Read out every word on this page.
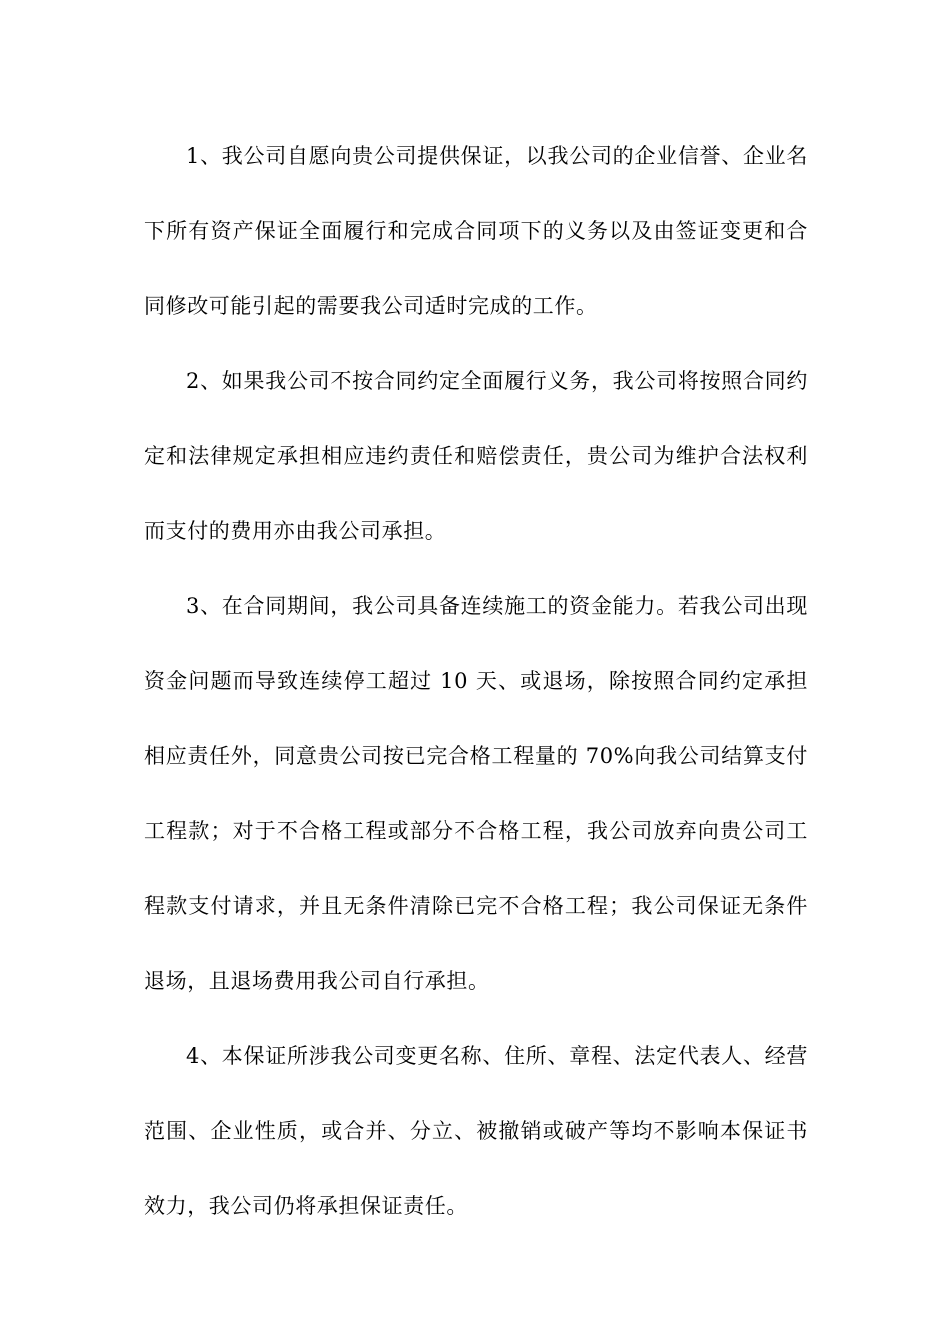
1、我公司自愿向贵公司提供保证，以我公司的企业信誉、企业名下所有资产保证全面履行和完成合同项下的义务以及由签证变更和合同修改可能引起的需要我公司适时完成的工作。

2、如果我公司不按合同约定全面履行义务，我公司将按照合同约定和法律规定承担相应违约责任和赔偿责任，贵公司为维护合法权利而支付的费用亦由我公司承担。

3、在合同期间，我公司具备连续施工的资金能力。若我公司出现资金问题而导致连续停工超过 10 天、或退场，除按照合同约定承担相应责任外，同意贵公司按已完合格工程量的 70%向我公司结算支付工程款；对于不合格工程或部分不合格工程，我公司放弃向贵公司工程款支付请求，并且无条件清除已完不合格工程；我公司保证无条件退场，且退场费用我公司自行承担。

4、本保证所涉我公司变更名称、住所、章程、法定代表人、经营范围、企业性质，或合并、分立、被撤销或破产等均不影响本保证书效力，我公司仍将承担保证责任。
